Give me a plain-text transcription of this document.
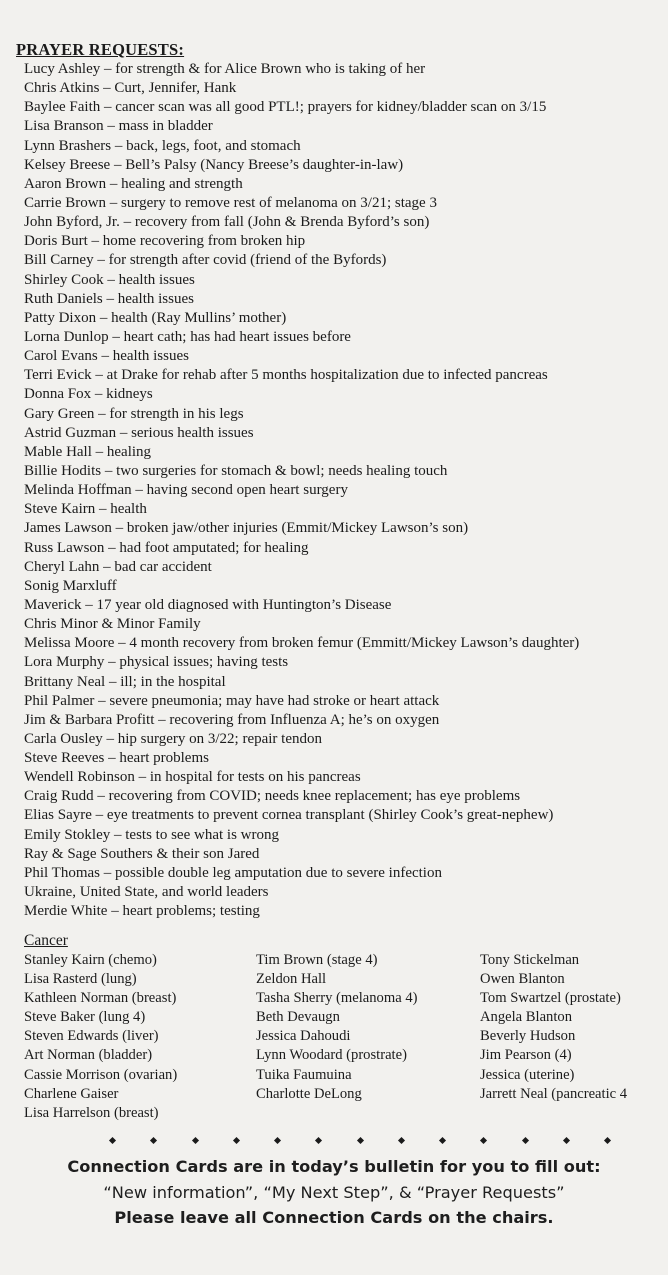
PRAYER REQUESTS:
Lucy Ashley – for strength & for Alice Brown who is taking of her
Chris Atkins – Curt, Jennifer, Hank
Baylee Faith – cancer scan was all good PTL!; prayers for kidney/bladder scan on 3/15
Lisa Branson – mass in bladder
Lynn Brashers – back, legs, foot, and stomach
Kelsey Breese – Bell’s Palsy (Nancy Breese’s daughter-in-law)
Aaron Brown – healing and strength
Carrie Brown – surgery to remove rest of melanoma on 3/21; stage 3
John Byford, Jr. – recovery from fall (John & Brenda Byford’s son)
Doris Burt – home recovering from broken hip
Bill Carney – for strength after covid (friend of the Byfords)
Shirley Cook – health issues
Ruth Daniels – health issues
Patty Dixon – health (Ray Mullins’ mother)
Lorna Dunlop – heart cath; has had heart issues before
Carol Evans – health issues
Terri Evick – at Drake for rehab after 5 months hospitalization due to infected pancreas
Donna Fox – kidneys
Gary Green – for strength in his legs
Astrid Guzman – serious health issues
Mable Hall – healing
Billie Hodits – two surgeries for stomach & bowl; needs healing touch
Melinda Hoffman – having second open heart surgery
Steve Kairn – health
James Lawson – broken jaw/other injuries (Emmit/Mickey Lawson’s son)
Russ Lawson – had foot amputated; for healing
Cheryl Lahn – bad car accident
Sonig Marxluff
Maverick – 17 year old diagnosed with Huntington’s Disease
Chris Minor & Minor Family
Melissa Moore – 4 month recovery from broken femur (Emmitt/Mickey Lawson’s daughter)
Lora Murphy – physical issues; having tests
Brittany Neal – ill; in the hospital
Phil Palmer – severe pneumonia; may have had stroke or heart attack
Jim & Barbara Profitt – recovering from Influenza A; he’s on oxygen
Carla Ousley – hip surgery on 3/22; repair tendon
Steve Reeves – heart problems
Wendell Robinson – in hospital for tests on his pancreas
Craig Rudd – recovering from COVID; needs knee replacement; has eye problems
Elias Sayre – eye treatments to prevent cornea transplant (Shirley Cook’s great-nephew)
Emily Stokley – tests to see what is wrong
Ray & Sage Southers & their son Jared
Phil Thomas – possible double leg amputation due to severe infection
Ukraine, United State, and world leaders
Merdie White – heart problems; testing
Cancer
Stanley Kairn (chemo)
Lisa Rasterd (lung)
Kathleen Norman (breast)
Steve Baker (lung 4)
Steven Edwards (liver)
Art Norman (bladder)
Cassie Morrison (ovarian)
Charlene Gaiser
Lisa Harrelson (breast)
Tim Brown (stage 4)
Zeldon Hall
Tasha Sherry (melanoma 4)
Beth Devaugn
Jessica Dahoudi
Lynn Woodard (prostrate)
Tuika Faumuina
Charlotte DeLong
Tony Stickelman
Owen Blanton
Tom Swartzel (prostate)
Angela Blanton
Beverly Hudson
Jim Pearson (4)
Jessica (uterine)
Jarrett Neal (pancreatic 4
Connection Cards are in today’s bulletin for you to fill out:
“New information”, “My Next Step”, & “Prayer Requests”
Please leave all Connection Cards on the chairs.
